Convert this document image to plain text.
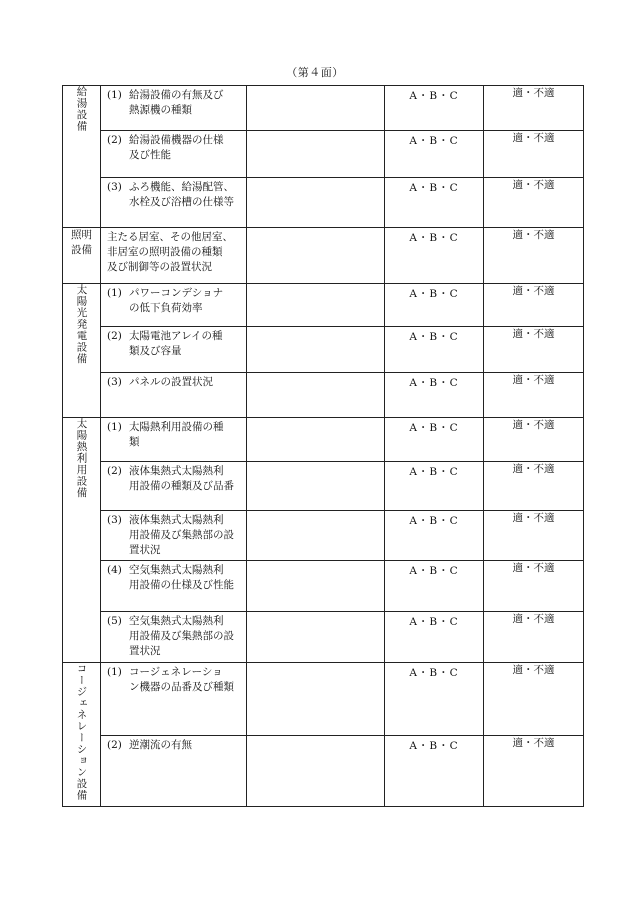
（第４面）
給湯設備	(1) 給湯設備の有無及び
熱源機の種類		A・B・C	適・不適

	(2) 給湯設備機器の仕様
及び性能		A・B・C	適・不適

	(3) ふろ機能、給湯配管、
水栓及び浴槽の仕様等		A・B・C	適・不適
照明
設備	主たる居室、その他居室、
非居室の照明設備の種類
及び制御等の設置状況		A・B・C	適・不適
太陽光発電設備	(1) パワーコンデショナ
の低下負荷効率		A・B・C	適・不適

	(2) 太陽電池アレイの種
類及び容量		A・B・C	適・不適

	(3) パネルの設置状況		A・B・C	適・不適
太陽熱利用設備	(1) 太陽熱利用設備の種
類		A・B・C	適・不適

	(2) 液体集熱式太陽熱利
用設備の種類及び品番		A・B・C	適・不適

	(3) 液体集熱式太陽熱利
用設備及び集熱部の設
置状況		A・B・C	適・不適

	(4) 空気集熱式太陽熱利
用設備の仕様及び性能		A・B・C	適・不適

	(5) 空気集熱式太陽熱利
用設備及び集熱部の設
置状況		A・B・C	適・不適
コージェネレーション設備	(1) コージェネレーショ
ン機器の品番及び種類		A・B・C	適・不適

	(2) 逆潮流の有無		A・B・C	適・不適
